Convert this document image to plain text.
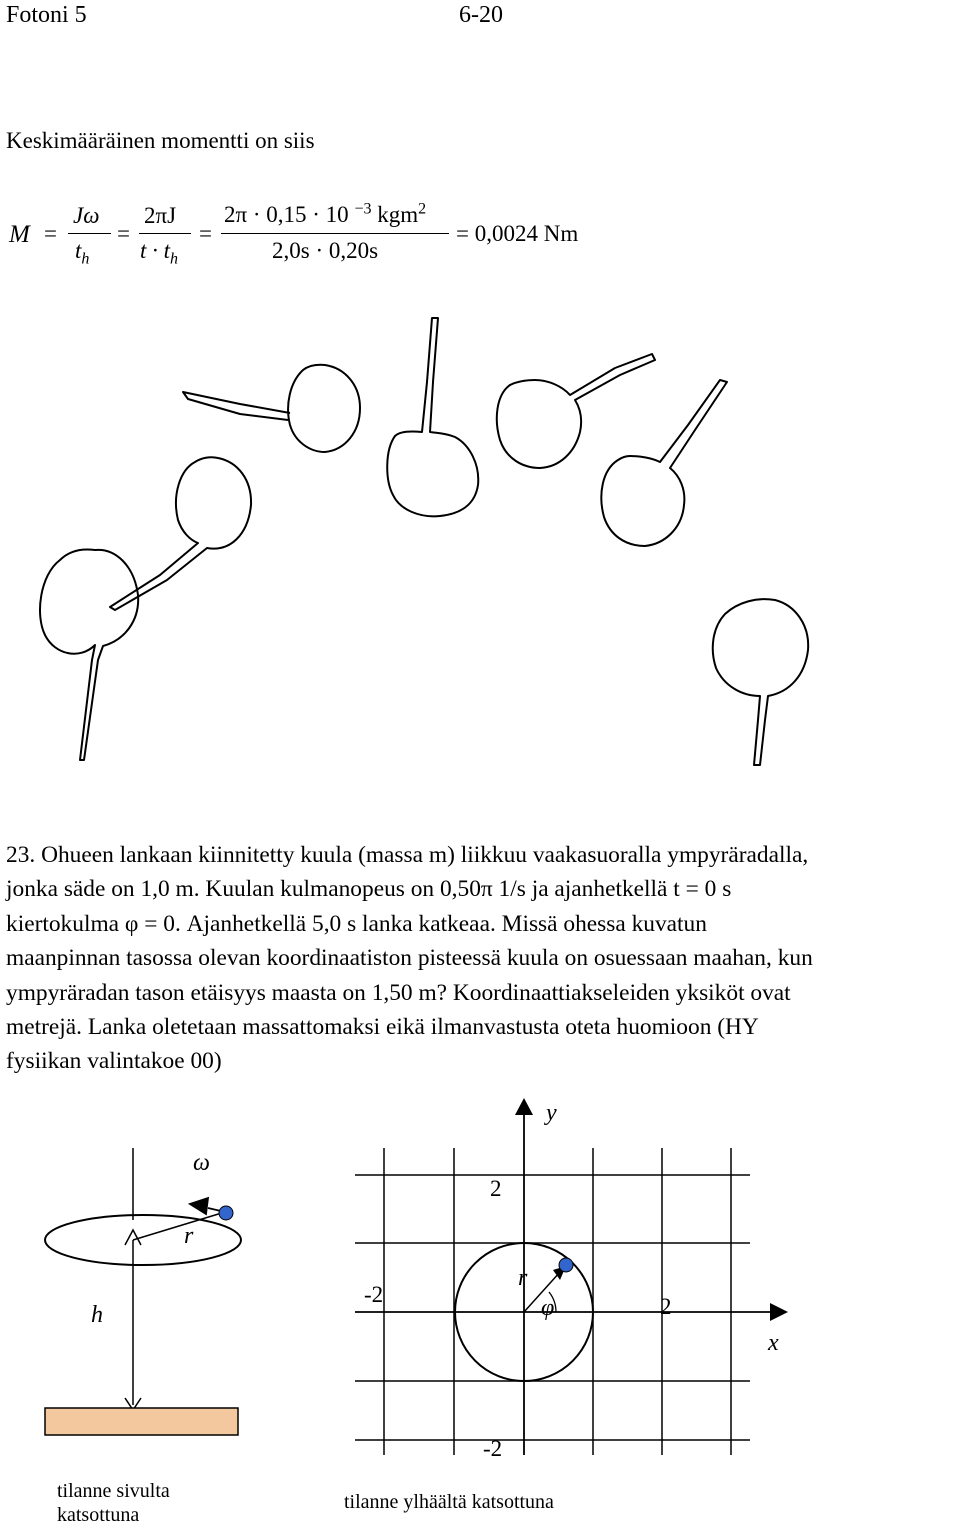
Fotoni 5	6-20
Keskimääräinen momentti on siis
M =
Jω
$t_h$
=
2πJ
$t \cdot t_h$
=
2π · 0,15 · 10 $^{-3}$ kgm$^2$
2,0s · 0,20s
= 0,0024 Nm
23. Ohueen lankaan kiinnitetty kuula (massa m) liikkuu vaakasuoralla ympyräradalla,
jonka säde on 1,0 m. Kuulan kulmanopeus on 0,50π 1/s ja ajanhetkellä t = 0 s
kiertokulma φ = 0. Ajanhetkellä 5,0 s lanka katkeaa. Missä ohessa kuvatun
maanpinnan tasossa olevan koordinaatiston pisteessä kuula on osuessaan maahan, kun
ympyräradan tason etäisyys maasta on 1,50 m? Koordinaattiakseleiden yksiköt ovat
metrejä. Lanka oletetaan massattomaksi eikä ilmanvastusta oteta huomioon (HY
fysiikan valintakoe 00)
ω
r
h
tilanne sivulta
katsottuna
y
x
2
-2
-2	2
r
φ
tilanne ylhäältä katsottuna
